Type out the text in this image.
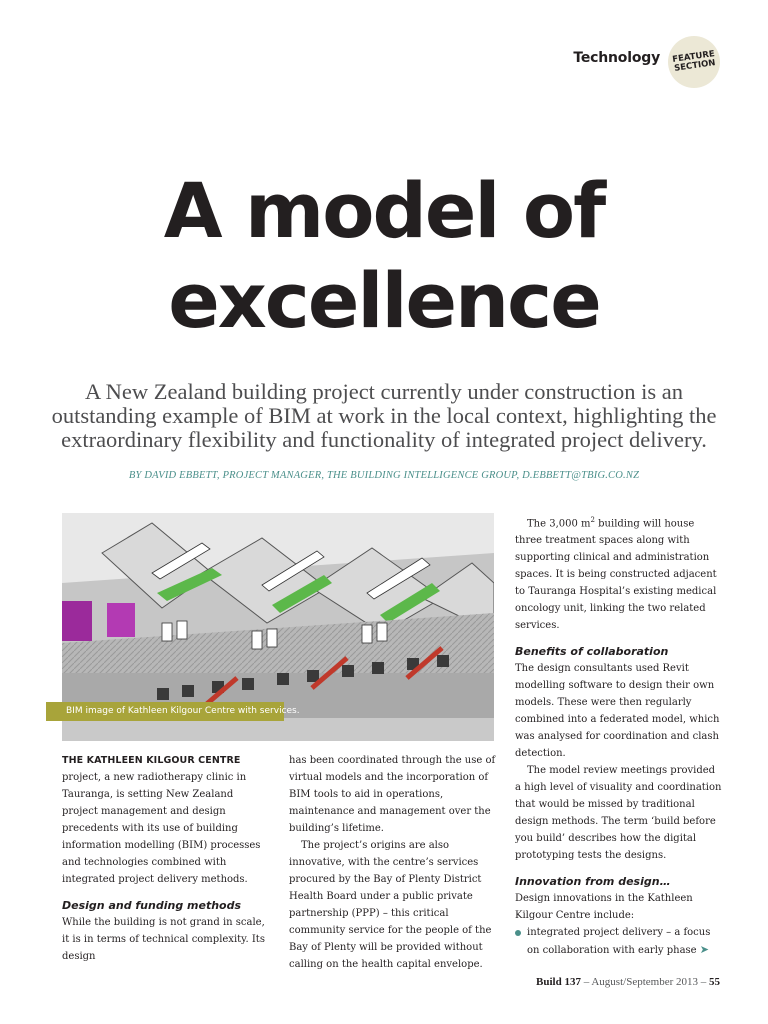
Technology FEATURE
SECTION
A model of
excellence
A New Zealand building project currently under construction is an outstanding example of BIM at work in the local context, highlighting the extraordinary flexibility and functionality of integrated project delivery.
BY DAVID EBBETT, PROJECT MANAGER, THE BUILDING INTELLIGENCE GROUP, D.EBBETT@TBIG.CO.NZ
BIM image of Kathleen Kilgour Centre with services.

THE KATHLEEN KILGOUR CENTRE project, a new radiotherapy clinic in Tauranga, is setting New Zealand project management and design precedents with its use of building information modelling (BIM) processes and technologies combined with integrated project delivery methods.

Design and funding methods

While the building is not grand in scale, it is in terms of technical complexity. Its design

has been coordinated through the use of virtual models and the incorporation of BIM tools to aid in operations, maintenance and management over the building’s lifetime.

The project’s origins are also innovative, with the centre’s services procured by the Bay of Plenty District Health Board under a public private partnership (PPP) – this critical community service for the people of the Bay of Plenty will be provided without calling on the health capital envelope.

The 3,000 $m^2$ building will house three treatment spaces along with supporting clinical and administration spaces. It is being constructed adjacent to Tauranga Hospital’s existing medical oncology unit, linking the two related services.

Benefits of collaboration

The design consultants used Revit modelling software to design their own models. These were then regularly combined into a federated model, which was analysed for coordination and clash detection.

The model review meetings provided a high level of visuality and coordination that would be missed by traditional design methods. The term ‘build before you build’ describes how the digital prototyping tests the designs.

Innovation from design…

Design innovations in the Kathleen Kilgour Centre include:

integrated project delivery – a focus on collaboration with early phase ➤
Build 137 – August/September 2013 – 55
